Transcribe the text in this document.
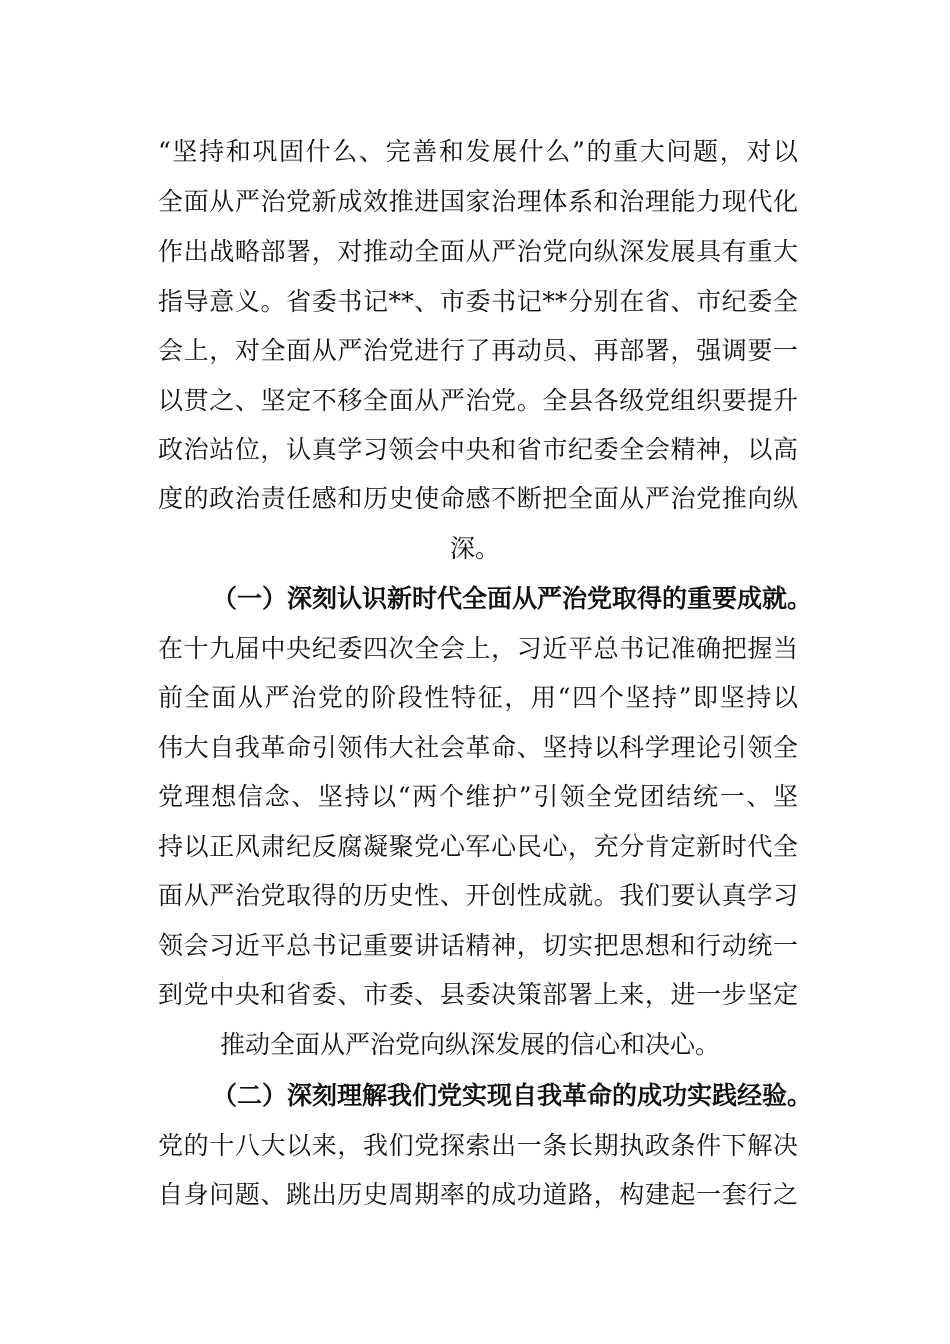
“坚持和巩固什么、完善和发展什么”的重大问题，对以
全面从严治党新成效推进国家治理体系和治理能力现代化
作出战略部署，对推动全面从严治党向纵深发展具有重大
指导意义。省委书记**、市委书记**分别在省、市纪委全
会上，对全面从严治党进行了再动员、再部署，强调要一
以贯之、坚定不移全面从严治党。全县各级党组织要提升
政治站位，认真学习领会中央和省市纪委全会精神，以高
度的政治责任感和历史使命感不断把全面从严治党推向纵
深。
（一）深刻认识新时代全面从严治党取得的重要成就。
在十九届中央纪委四次全会上，习近平总书记准确把握当
前全面从严治党的阶段性特征，用“四个坚持”即坚持以
伟大自我革命引领伟大社会革命、坚持以科学理论引领全
党理想信念、坚持以“两个维护”引领全党团结统一、坚
持以正风肃纪反腐凝聚党心军心民心，充分肯定新时代全
面从严治党取得的历史性、开创性成就。我们要认真学习
领会习近平总书记重要讲话精神，切实把思想和行动统一
到党中央和省委、市委、县委决策部署上来，进一步坚定
推动全面从严治党向纵深发展的信心和决心。
（二）深刻理解我们党实现自我革命的成功实践经验。
党的十八大以来，我们党探索出一条长期执政条件下解决
自身问题、跳出历史周期率的成功道路，构建起一套行之
